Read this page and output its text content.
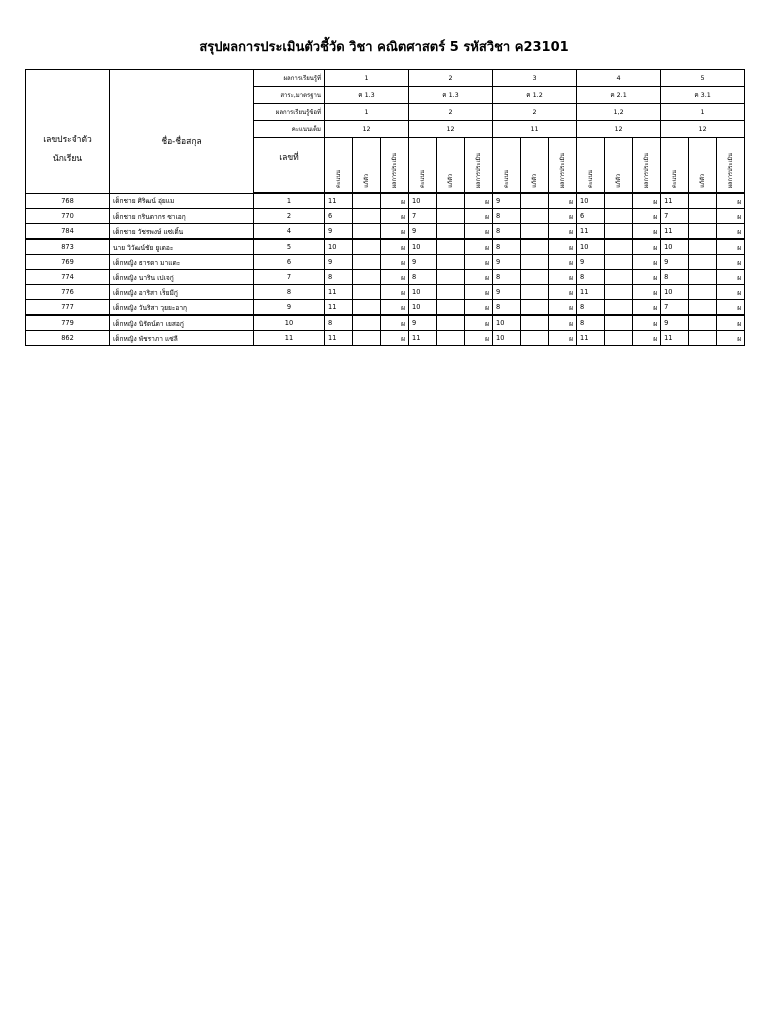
สรุปผลการประเมินตัวชี้วัด วิชา คณิตศาสตร์ 5 รหัสวิชา ค23101
เลขประจำตัว
นักเรียน	ชื่อ-ชื่อสกุล	ผลการเรียนรู้ที่	1			2			3			4			5		
		สาระ,มาตรฐาน	ค 1.3			ค 1.3			ค 1.2			ค 2.1			ค 3.1		
		ผลการเรียนรู้ข้อที่	1			2			2			1,2			1		
		คะแนนเต็ม	12			12			11			12			12		

		เลขที่	คะแนน	แก้ตัว	ผลการประเมิน	คะแนน	แก้ตัว	ผลการประเมิน	คะแนน	แก้ตัว	ผลการประเมิน	คะแนน	แก้ตัว	ผลการประเมิน	คะแนน	แก้ตัว	ผลการประเมิน
768	เด็กชาย ศิริฒน์ อุ่ยแม	1	11		ผ	10		ผ	9		ผ	10		ผ	11		ผ
770	เด็กชาย กรินดากร ซาเอกุ	2	6		ผ	7		ผ	8		ผ	6		ผ	7		ผ
784	เด็กชาย วัชรพงษ์ แซ่เติ้น	4	9		ผ	9		ผ	8		ผ	11		ผ	11		ผ
873	นาย วิวัฒน์ชัย ยูเดอะ	5	10		ผ	10		ผ	8		ผ	10		ผ	10		ผ
769	เด็กหญิง ธารดา มาแดะ	6	9		ผ	9		ผ	9		ผ	9		ผ	9		ผ
774	เด็กหญิง นาริน เปเจกู่	7	8		ผ	8		ผ	8		ผ	8		ผ	8		ผ
776	เด็กหญิง อาริสา เร็ยมีกู่	8	11		ผ	10		ผ	9		ผ	11		ผ	10		ผ
777	เด็กหญิง วันริสา วุยยะอากุ	9	11		ผ	10		ผ	8		ผ	8		ผ	7		ผ
779	เด็กหญิง นิรัตน์ดา เยสอกู่	10	8		ผ	9		ผ	10		ผ	8		ผ	9		ผ
862	เด็กหญิง พัชราภา แซ่ลี	11	11		ผ	11		ผ	10		ผ	11		ผ	11		ผ
